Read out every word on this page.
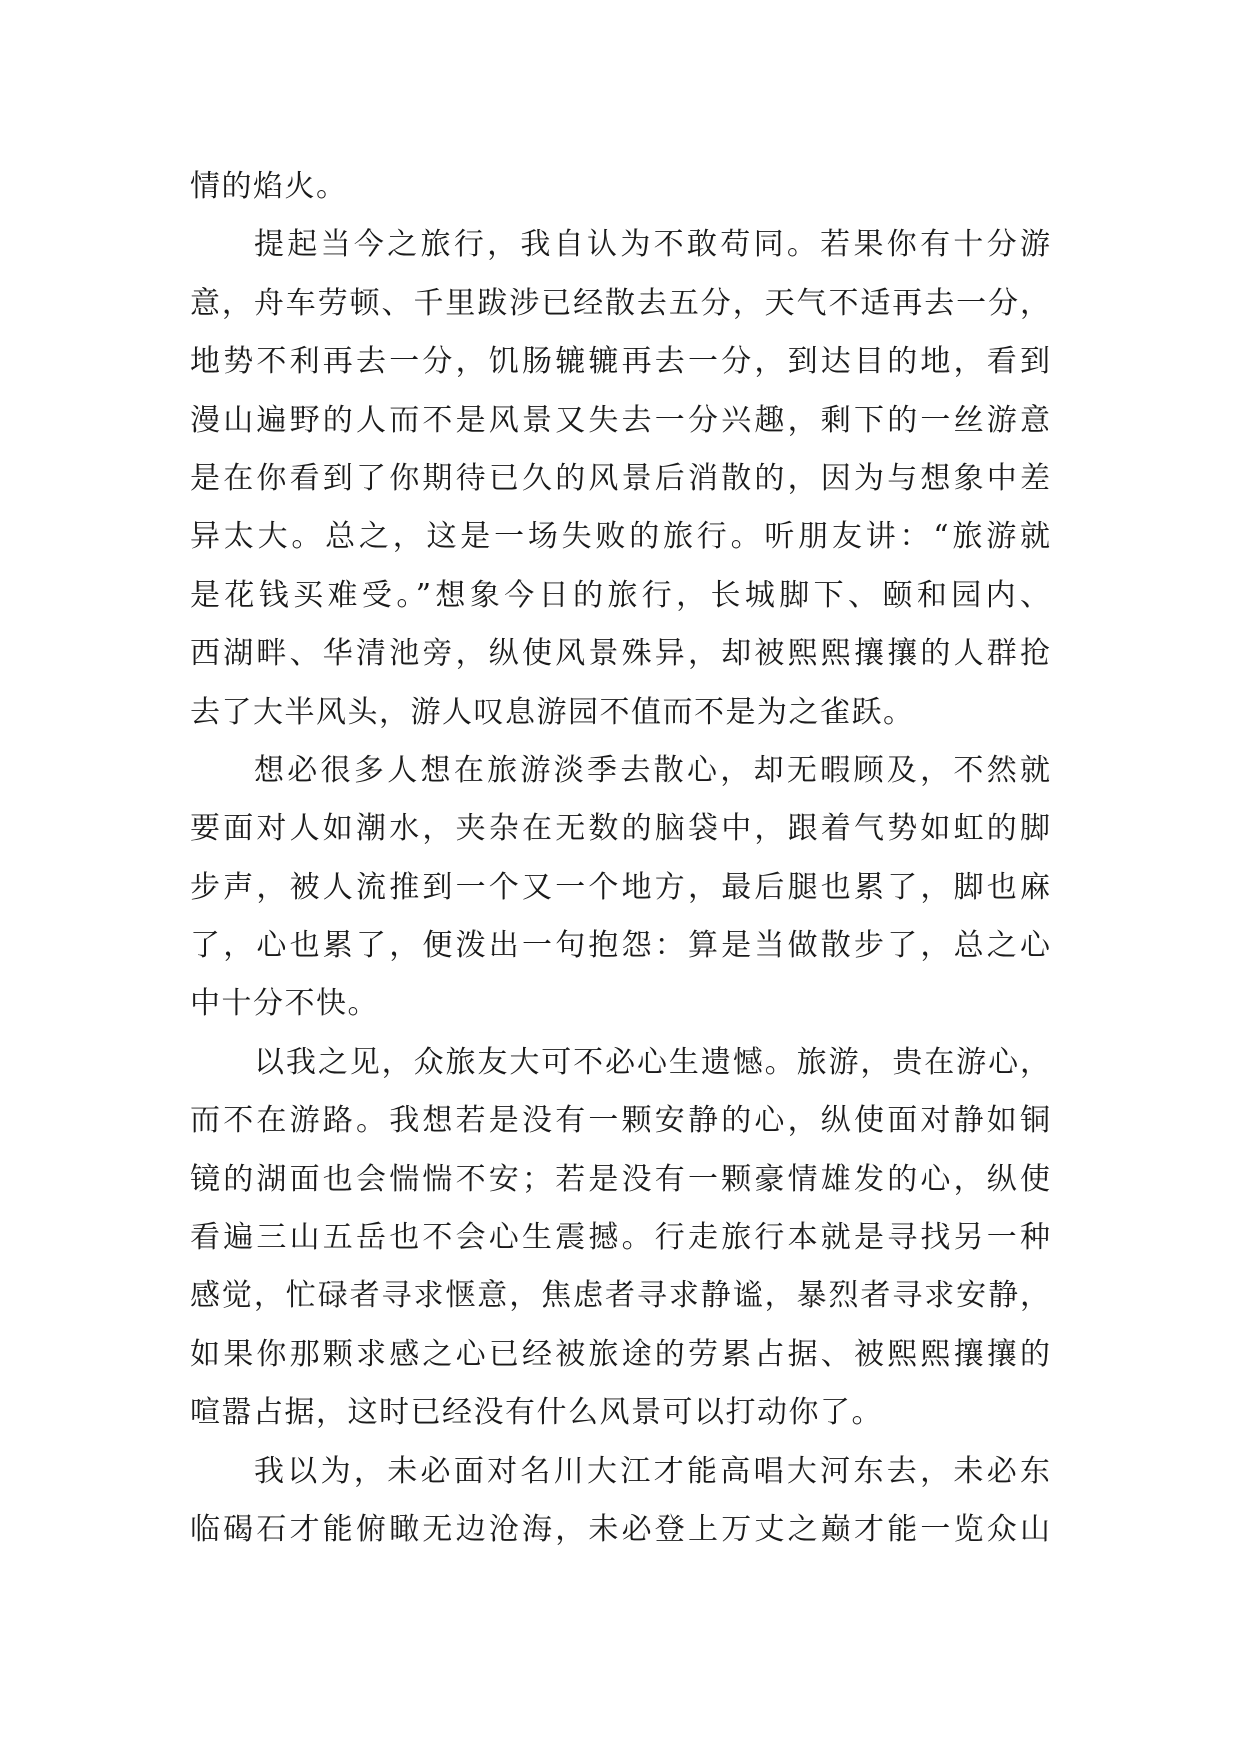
情的焰火。
提起当今之旅行，我自认为不敢苟同。若果你有十分游
意，舟车劳顿、千里跋涉已经散去五分，天气不适再去一分，
地势不利再去一分，饥肠辘辘再去一分，到达目的地，看到
漫山遍野的人而不是风景又失去一分兴趣，剩下的一丝游意
是在你看到了你期待已久的风景后消散的，因为与想象中差
异太大。总之，这是一场失败的旅行。听朋友讲：“旅游就
是花钱买难受。”想象今日的旅行，长城脚下、颐和园内、
西湖畔、华清池旁，纵使风景殊异，却被熙熙攘攘的人群抢
去了大半风头，游人叹息游园不值而不是为之雀跃。
想必很多人想在旅游淡季去散心，却无暇顾及，不然就
要面对人如潮水，夹杂在无数的脑袋中，跟着气势如虹的脚
步声，被人流推到一个又一个地方，最后腿也累了，脚也麻
了，心也累了，便泼出一句抱怨：算是当做散步了，总之心
中十分不快。
以我之见，众旅友大可不必心生遗憾。旅游，贵在游心，
而不在游路。我想若是没有一颗安静的心，纵使面对静如铜
镜的湖面也会惴惴不安；若是没有一颗豪情雄发的心，纵使
看遍三山五岳也不会心生震撼。行走旅行本就是寻找另一种
感觉，忙碌者寻求惬意，焦虑者寻求静谧，暴烈者寻求安静，
如果你那颗求感之心已经被旅途的劳累占据、被熙熙攘攘的
喧嚣占据，这时已经没有什么风景可以打动你了。
我以为，未必面对名川大江才能高唱大河东去，未必东
临碣石才能俯瞰无边沧海，未必登上万丈之巅才能一览众山
